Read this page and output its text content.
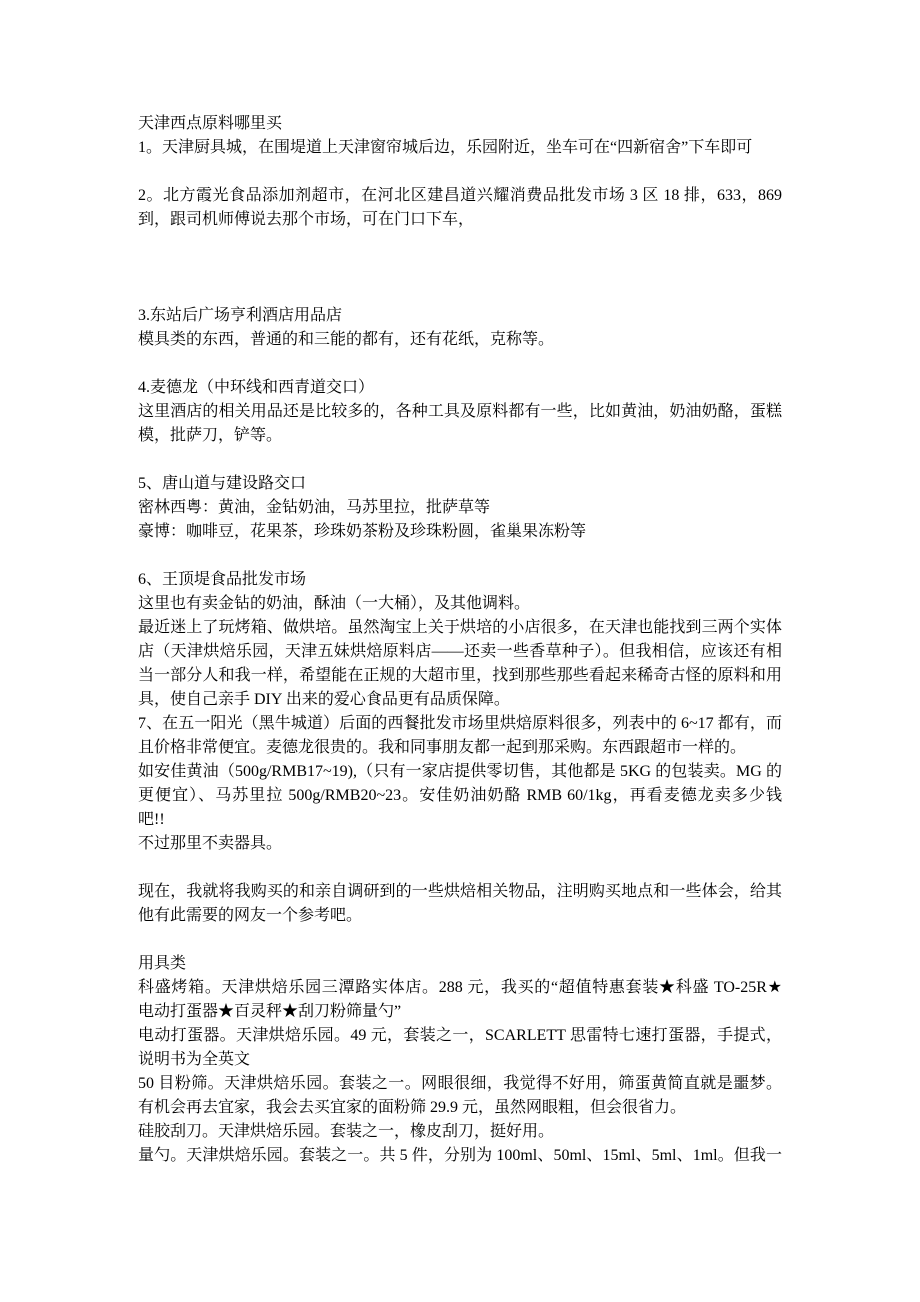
天津西点原料哪里买
1。天津厨具城，在围堤道上天津窗帘城后边，乐园附近，坐车可在“四新宿舍”下车即可
2。北方霞光食品添加剂超市，在河北区建昌道兴耀消费品批发市场 3 区 18 排，633，869
到，跟司机师傅说去那个市场，可在门口下车，
3.东站后广场亨利酒店用品店
模具类的东西，普通的和三能的都有，还有花纸，克称等。
4.麦德龙（中环线和西青道交口）
这里酒店的相关用品还是比较多的，各种工具及原料都有一些，比如黄油，奶油奶酪，蛋糕
模，批萨刀，铲等。
5、唐山道与建设路交口
密林西粤：黄油，金钻奶油，马苏里拉，批萨草等
豪博：咖啡豆，花果茶，珍珠奶茶粉及珍珠粉圆，雀巢果冻粉等
6、王顶堤食品批发市场
这里也有卖金钻的奶油，酥油（一大桶），及其他调料。
最近迷上了玩烤箱、做烘培。虽然淘宝上关于烘培的小店很多，在天津也能找到三两个实体
店（天津烘焙乐园，天津五妹烘焙原料店——还卖一些香草种子）。但我相信，应该还有相
当一部分人和我一样，希望能在正规的大超市里，找到那些那些看起来稀奇古怪的原料和用
具，使自己亲手 DIY 出来的爱心食品更有品质保障。
7、在五一阳光（黑牛城道）后面的西餐批发市场里烘焙原料很多，列表中的 6~17 都有，而
且价格非常便宜。麦德龙很贵的。我和同事朋友都一起到那采购。东西跟超市一样的。
如安佳黄油（500g/RMB17~19),（只有一家店提供零切售，其他都是 5KG 的包装卖。MG 的
更便宜）、马苏里拉 500g/RMB20~23。安佳奶油奶酪 RMB 60/1kg，再看麦德龙卖多少钱
吧!!
不过那里不卖器具。
现在，我就将我购买的和亲自调研到的一些烘焙相关物品，注明购买地点和一些体会，给其
他有此需要的网友一个参考吧。
用具类
科盛烤箱。天津烘焙乐园三潭路实体店。288 元，我买的“超值特惠套装★科盛 TO-25R★
电动打蛋器★百灵秤★刮刀粉筛量勺”
电动打蛋器。天津烘焙乐园。49 元，套装之一，SCARLETT 思雷特七速打蛋器，手提式，
说明书为全英文
50 目粉筛。天津烘焙乐园。套装之一。网眼很细，我觉得不好用，筛蛋黄简直就是噩梦。
有机会再去宜家，我会去买宜家的面粉筛 29.9 元，虽然网眼粗，但会很省力。
硅胶刮刀。天津烘焙乐园。套装之一，橡皮刮刀，挺好用。
量勺。天津烘焙乐园。套装之一。共 5 件，分别为 100ml、50ml、15ml、5ml、1ml。但我一
